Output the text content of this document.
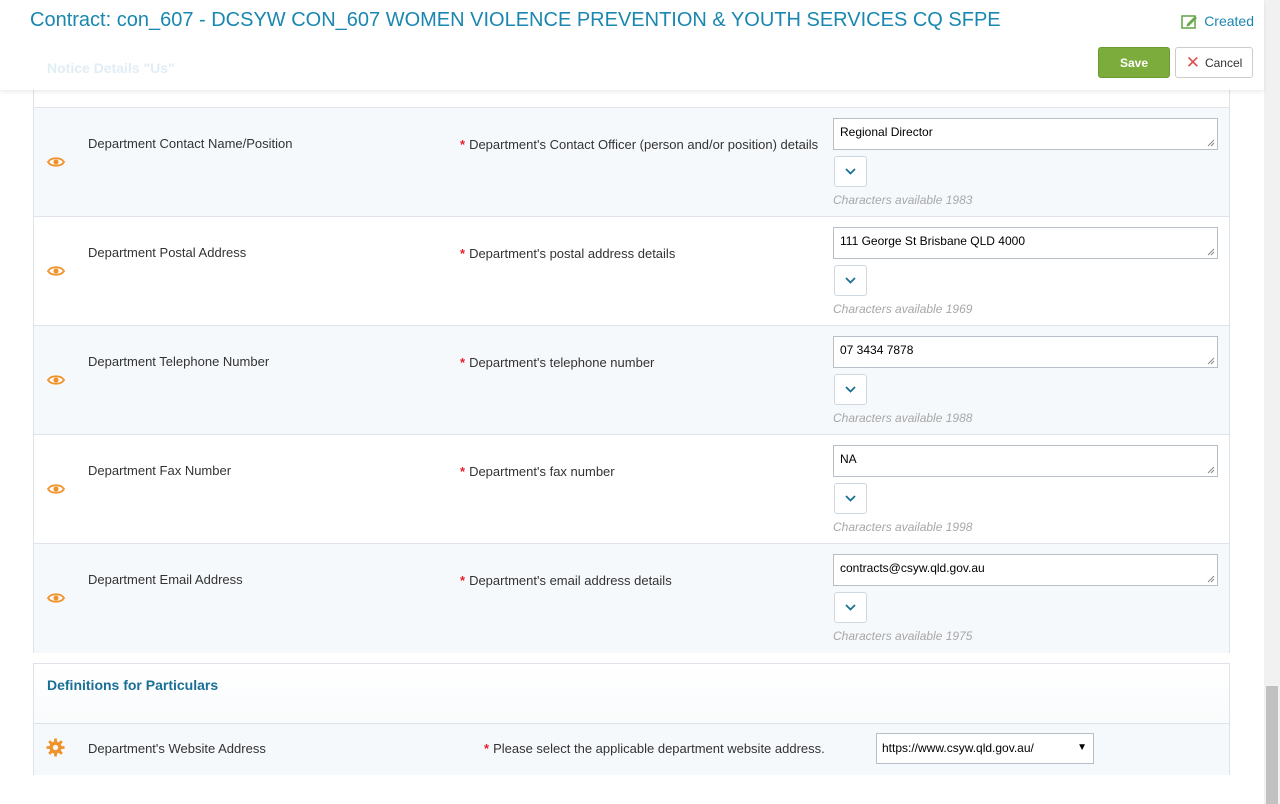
Department Contact Name/Position	* Department's Contact Officer (person and/or position) details
Regional Director
Characters available 1983
Department Postal Address	* Department's postal address details
111 George St Brisbane QLD 4000
Characters available 1969
Department Telephone Number	* Department's telephone number
07 3434 7878
Characters available 1988
Department Fax Number	* Department's fax number
NA
Characters available 1998
Department Email Address	* Department's email address details
contracts@csyw.qld.gov.au
Characters available 1975
Definitions for Particulars
Department's Website Address	* Please select the applicable department website address.	https://www.csyw.qld.gov.au/	▼
Notice Details "Us"
Contract: con_607 - DCSYW CON_607 WOMEN VIOLENCE PREVENTION & YOUTH SERVICES CQ SFPE	Created
Save	✕ Cancel
